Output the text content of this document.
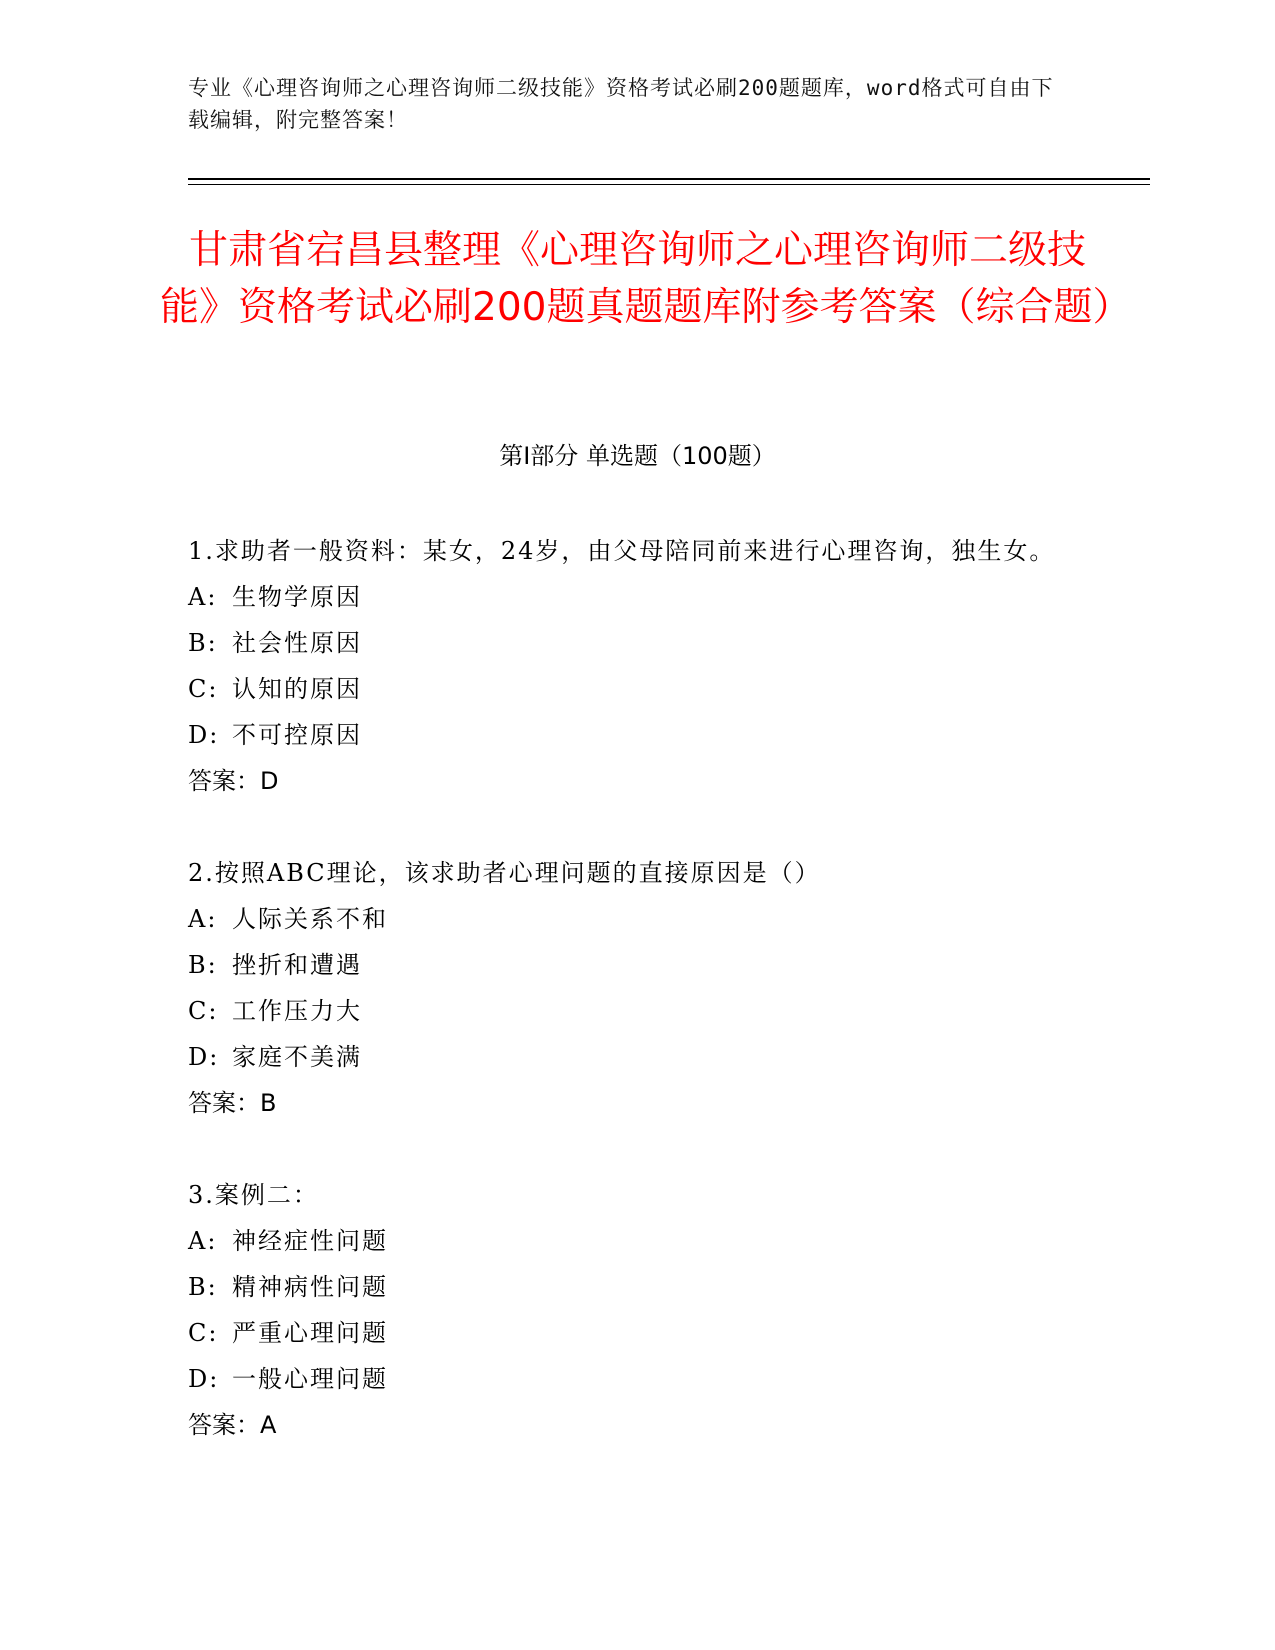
专业《心理咨询师之心理咨询师二级技能》资格考试必刷200题题库，word格式可自由下载编辑，附完整答案！
甘肃省宕昌县整理《心理咨询师之心理咨询师二级技能》资格考试必刷200题真题题库附参考答案（综合题）
第I部分 单选题（100题）

1.求助者一般资料：某女，24岁，由父母陪同前来进行心理咨询，独生女。

A: 生物学原因

B: 社会性原因

C: 认知的原因

D: 不可控原因

答案：D

2.按照ABC理论，该求助者心理问题的直接原因是（）

A: 人际关系不和

B: 挫折和遭遇

C: 工作压力大

D: 家庭不美满

答案：B

3.案例二：

A: 神经症性问题

B: 精神病性问题

C: 严重心理问题

D: 一般心理问题

答案：A
